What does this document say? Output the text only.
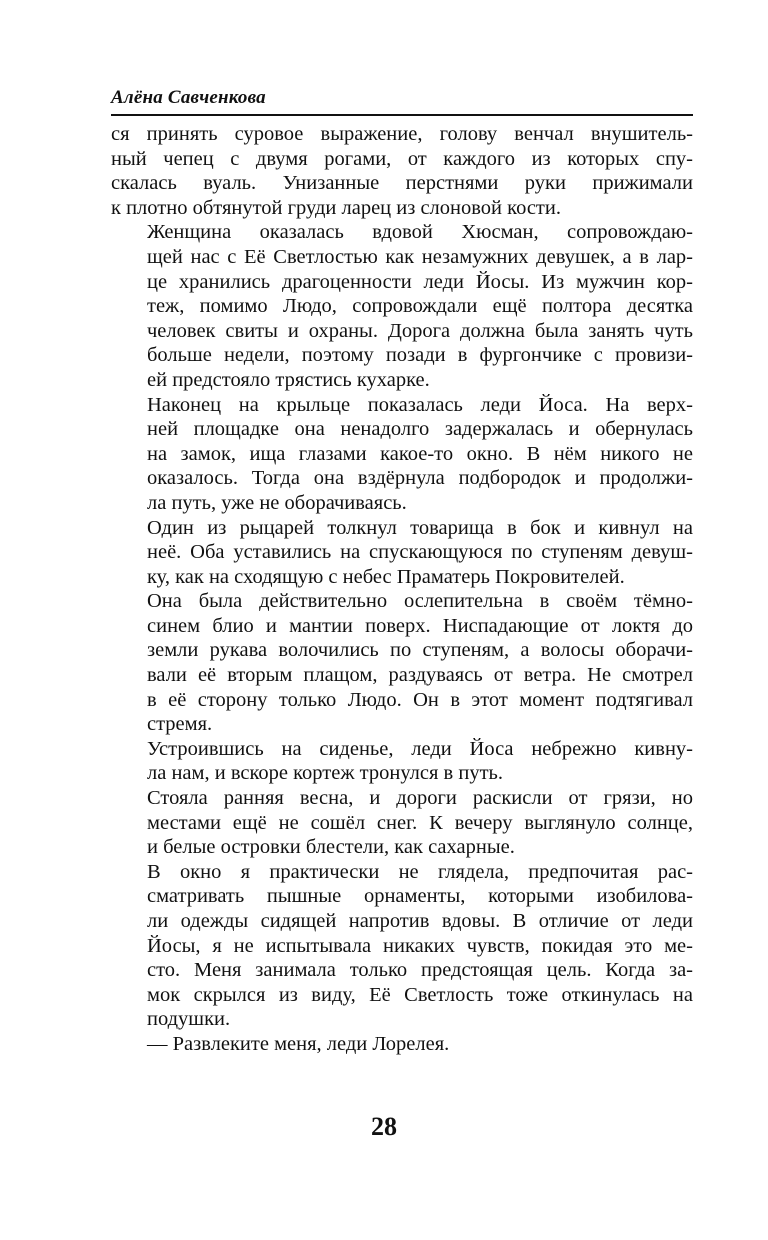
Алёна Савченкова

ся принять суровое выражение, голову венчал внушитель-
ный чепец с двумя рогами, от каждого из которых спу-
скалась вуаль. Унизанные перстнями руки прижимали
к плотно обтянутой груди ларец из слоновой кости.

Женщина оказалась вдовой Хюсман, сопровождаю-
щей нас с Её Светлостью как незамужних девушек, а в лар-
це хранились драгоценности леди Йосы. Из мужчин кор-
теж, помимо Людо, сопровождали ещё полтора десятка
человек свиты и охраны. Дорога должна была занять чуть
больше недели, поэтому позади в фургончике с провизи-
ей предстояло трястись кухарке.

Наконец на крыльце показалась леди Йоса. На верх-
ней площадке она ненадолго задержалась и обернулась
на замок, ища глазами какое-то окно. В нём никого не
оказалось. Тогда она вздёрнула подбородок и продолжи-
ла путь, уже не оборачиваясь.

Один из рыцарей толкнул товарища в бок и кивнул на
неё. Оба уставились на спускающуюся по ступеням девуш-
ку, как на сходящую с небес Праматерь Покровителей.

Она была действительно ослепительна в своём тёмно-
синем блио и мантии поверх. Ниспадающие от локтя до
земли рукава волочились по ступеням, а волосы оборачи-
вали её вторым плащом, раздуваясь от ветра. Не смотрел
в её сторону только Людо. Он в этот момент подтягивал
стремя.

Устроившись на сиденье, леди Йоса небрежно кивну-
ла нам, и вскоре кортеж тронулся в путь.

Стояла ранняя весна, и дороги раскисли от грязи, но
местами ещё не сошёл снег. К вечеру выглянуло солнце,
и белые островки блестели, как сахарные.

В окно я практически не глядела, предпочитая рас-
сматривать пышные орнаменты, которыми изобилова-
ли одежды сидящей напротив вдовы. В отличие от леди
Йосы, я не испытывала никаких чувств, покидая это ме-
сто. Меня занимала только предстоящая цель. Когда за-
мок скрылся из виду, Её Светлость тоже откинулась на
подушки.

— Развлеките меня, леди Лорелея.

28
